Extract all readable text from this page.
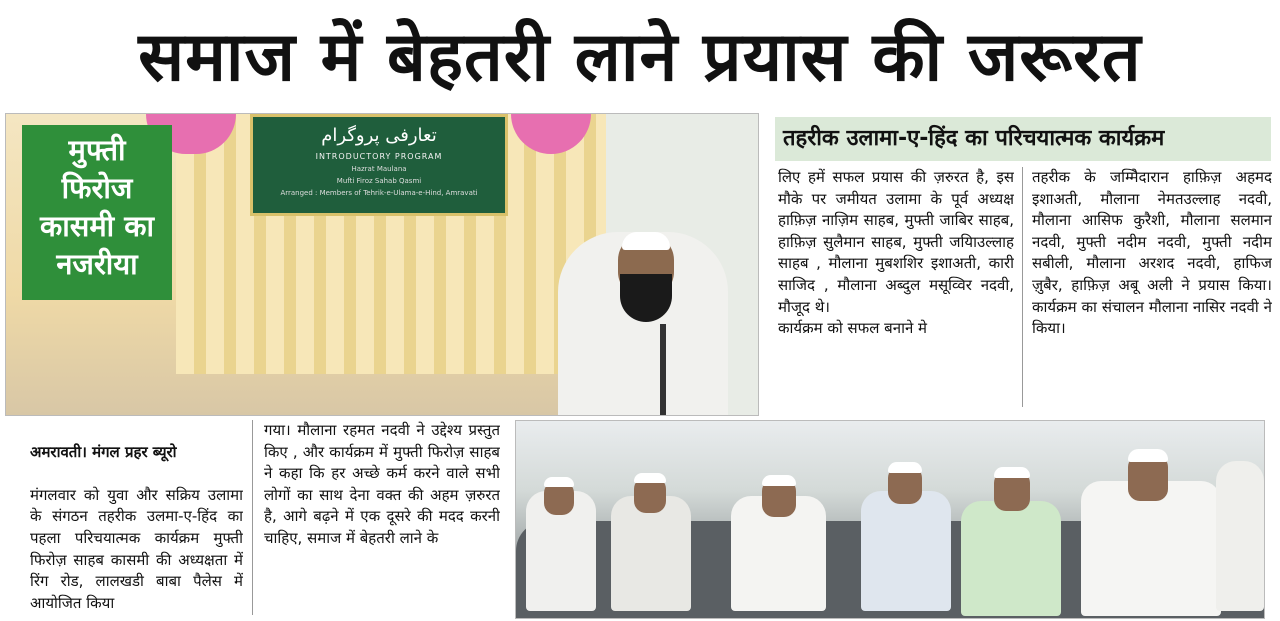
समाज में बेहतरी लाने प्रयास की जरूरत
تعارفی پروگرام
INTRODUCTORY PROGRAM
Hazrat Maulana
Mufti Firoz Sahab Qasmi
Arranged : Members of Tehrik-e-Ulama-e-Hind, Amravati
मुफ्ती
फिरोज
कासमी का
नजरीया
तहरीक उलामा-ए-हिंद का परिचयात्मक कार्यक्रम
लिए हमें सफल प्रयास की ज़रुरत है, इस मौके पर जमीयत उलामा के पूर्व अध्यक्ष हाफ़िज़ नाज़िम साहब, मुफ्ती जाबिर साहब, हाफ़िज़ सुलैमान साहब, मुफ्ती जयिाउल्लाह साहब , मौलाना मुबशशिर इशाअती, कारी साजिद , मौलाना अब्दुल मसूव्विर नदवी, मौजूद थे।
कार्यक्रम को सफल बनाने मे
तहरीक के जम्मिेदारान हाफ़िज़ अहमद इशाअती, मौलाना नेमतउल्लाह नदवी, मौलाना आसिफ कुरैशी, मौलाना सलमान नदवी, मुफ्ती नदीम नदवी, मुफ्ती नदीम सबीली, मौलाना अरशद नदवी, हाफिज ज़ुबैर, हाफ़िज़ अबू अली ने प्रयास किया। कार्यक्रम का संचालन मौलाना नासिर नदवी ने किया।

अमरावती। मंगल प्रहर ब्यूरो

मंगलवार को युवा और सक्रिय उलामा के संगठन तहरीक उलमा-ए-हिंद का पहला परिचयात्मक कार्यक्रम मुफ्ती फिरोज़ साहब कासमी की अध्यक्षता में रिंग रोड, लालखडी बाबा पैलेस में आयोजित किया

गया। मौलाना रहमत नदवी ने उद्देश्य प्रस्तुत किए , और कार्यक्रम में मुफ्ती फिरोज़ साहब ने कहा कि हर अच्छे कर्म करने वाले सभी लोगों का साथ देना वक्त की अहम ज़रुरत है, आगे बढ़ने में एक दूसरे की मदद करनी चाहिए, समाज में बेहतरी लाने के
